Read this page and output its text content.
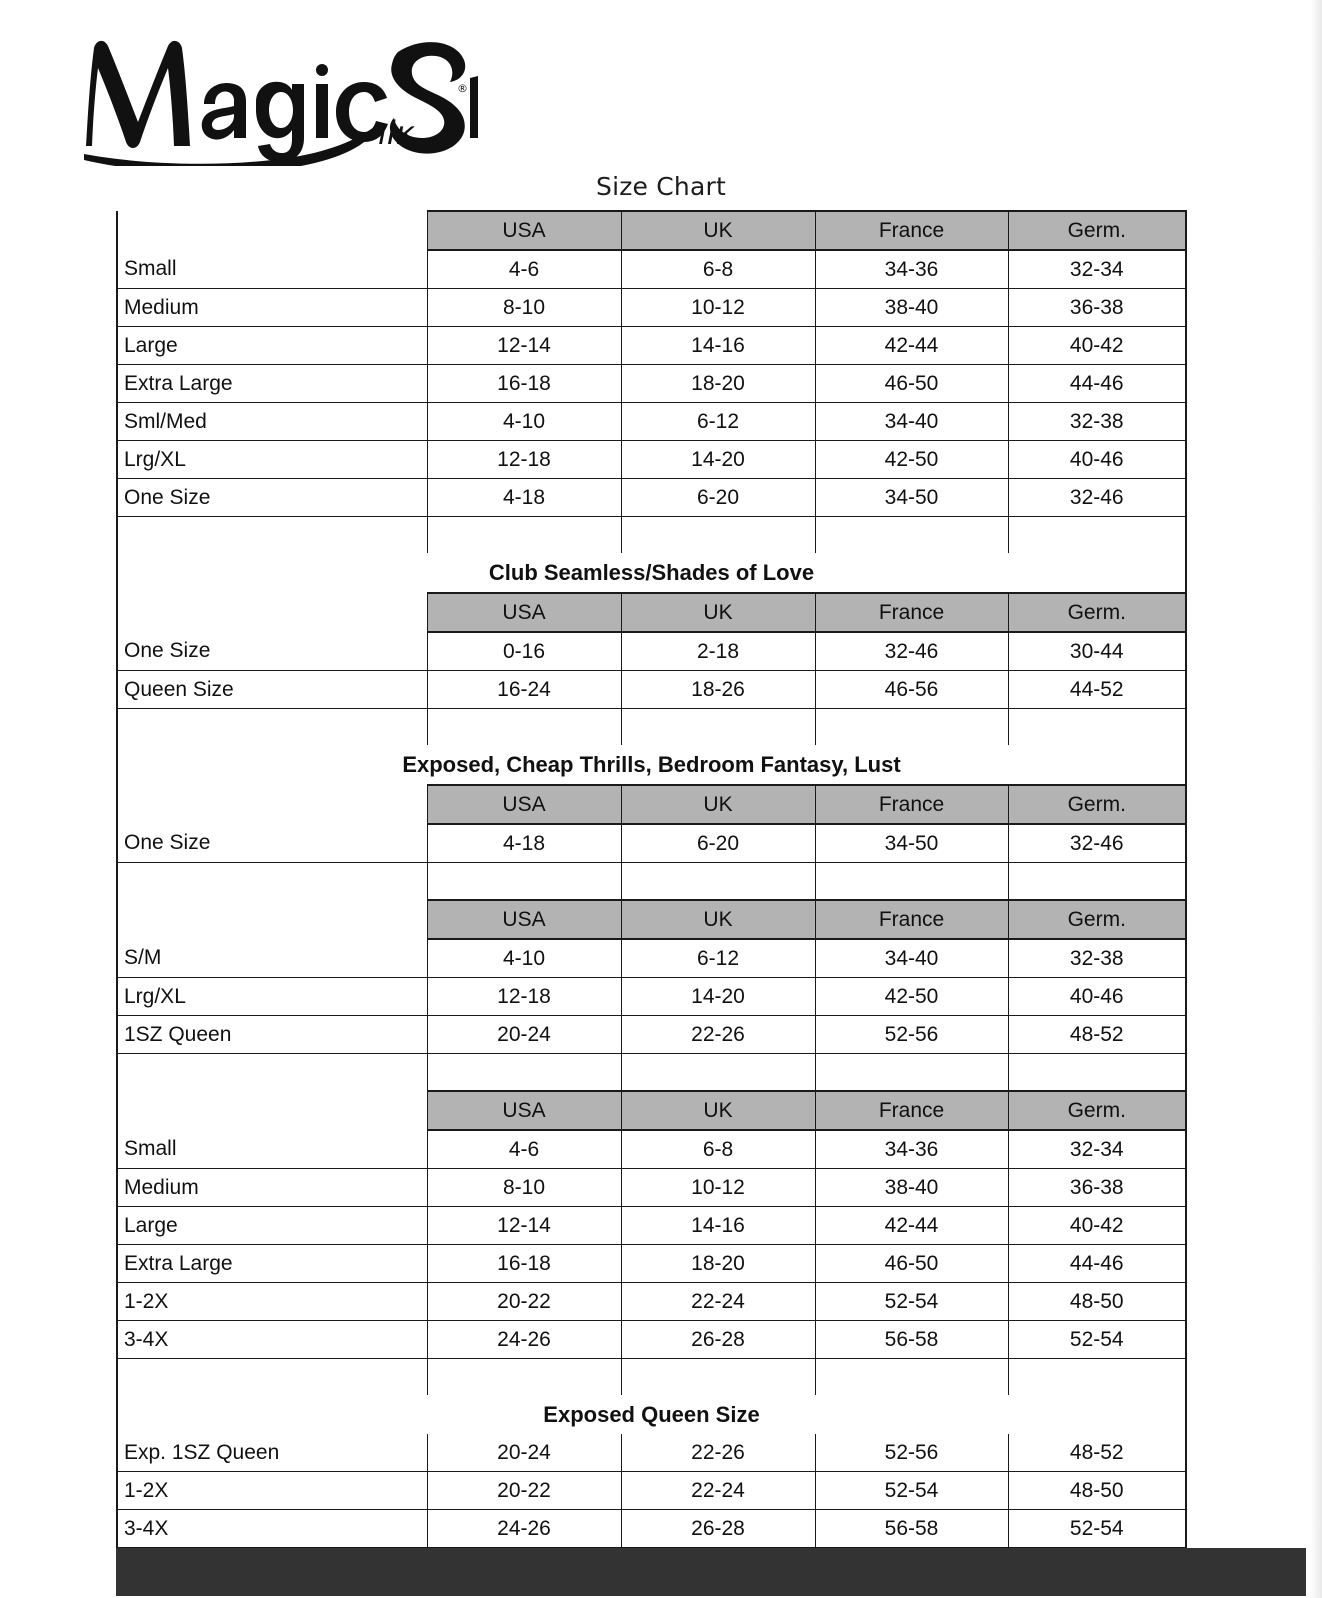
ılк
®
Size Chart
	USA	UK	France	Germ.
Small	4-6	6-8	34-36	32-34
Medium	8-10	10-12	38-40	36-38
Large	12-14	14-16	42-44	40-42
Extra Large	16-18	18-20	46-50	44-46
Sml/Med	4-10	6-12	34-40	32-38
Lrg/XL	12-18	14-20	42-50	40-46
One Size	4-18	6-20	34-50	32-46

Club Seamless/Shades of Love				
	USA	UK	France	Germ.
One Size	0-16	2-18	32-46	30-44
Queen Size	16-24	18-26	46-56	44-52

Exposed, Cheap Thrills, Bedroom Fantasy, Lust				
	USA	UK	France	Germ.
One Size	4-18	6-20	34-50	32-46

	USA	UK	France	Germ.
S/M	4-10	6-12	34-40	32-38
Lrg/XL	12-18	14-20	42-50	40-46
1SZ Queen	20-24	22-26	52-56	48-52

	USA	UK	France	Germ.
Small	4-6	6-8	34-36	32-34
Medium	8-10	10-12	38-40	36-38
Large	12-14	14-16	42-44	40-42
Extra Large	16-18	18-20	46-50	44-46
1-2X	20-22	22-24	52-54	48-50
3-4X	24-26	26-28	56-58	52-54

Exposed Queen Size				
Exp. 1SZ Queen	20-24	22-26	52-56	48-52
1-2X	20-22	22-24	52-54	48-50
3-4X	24-26	26-28	56-58	52-54
